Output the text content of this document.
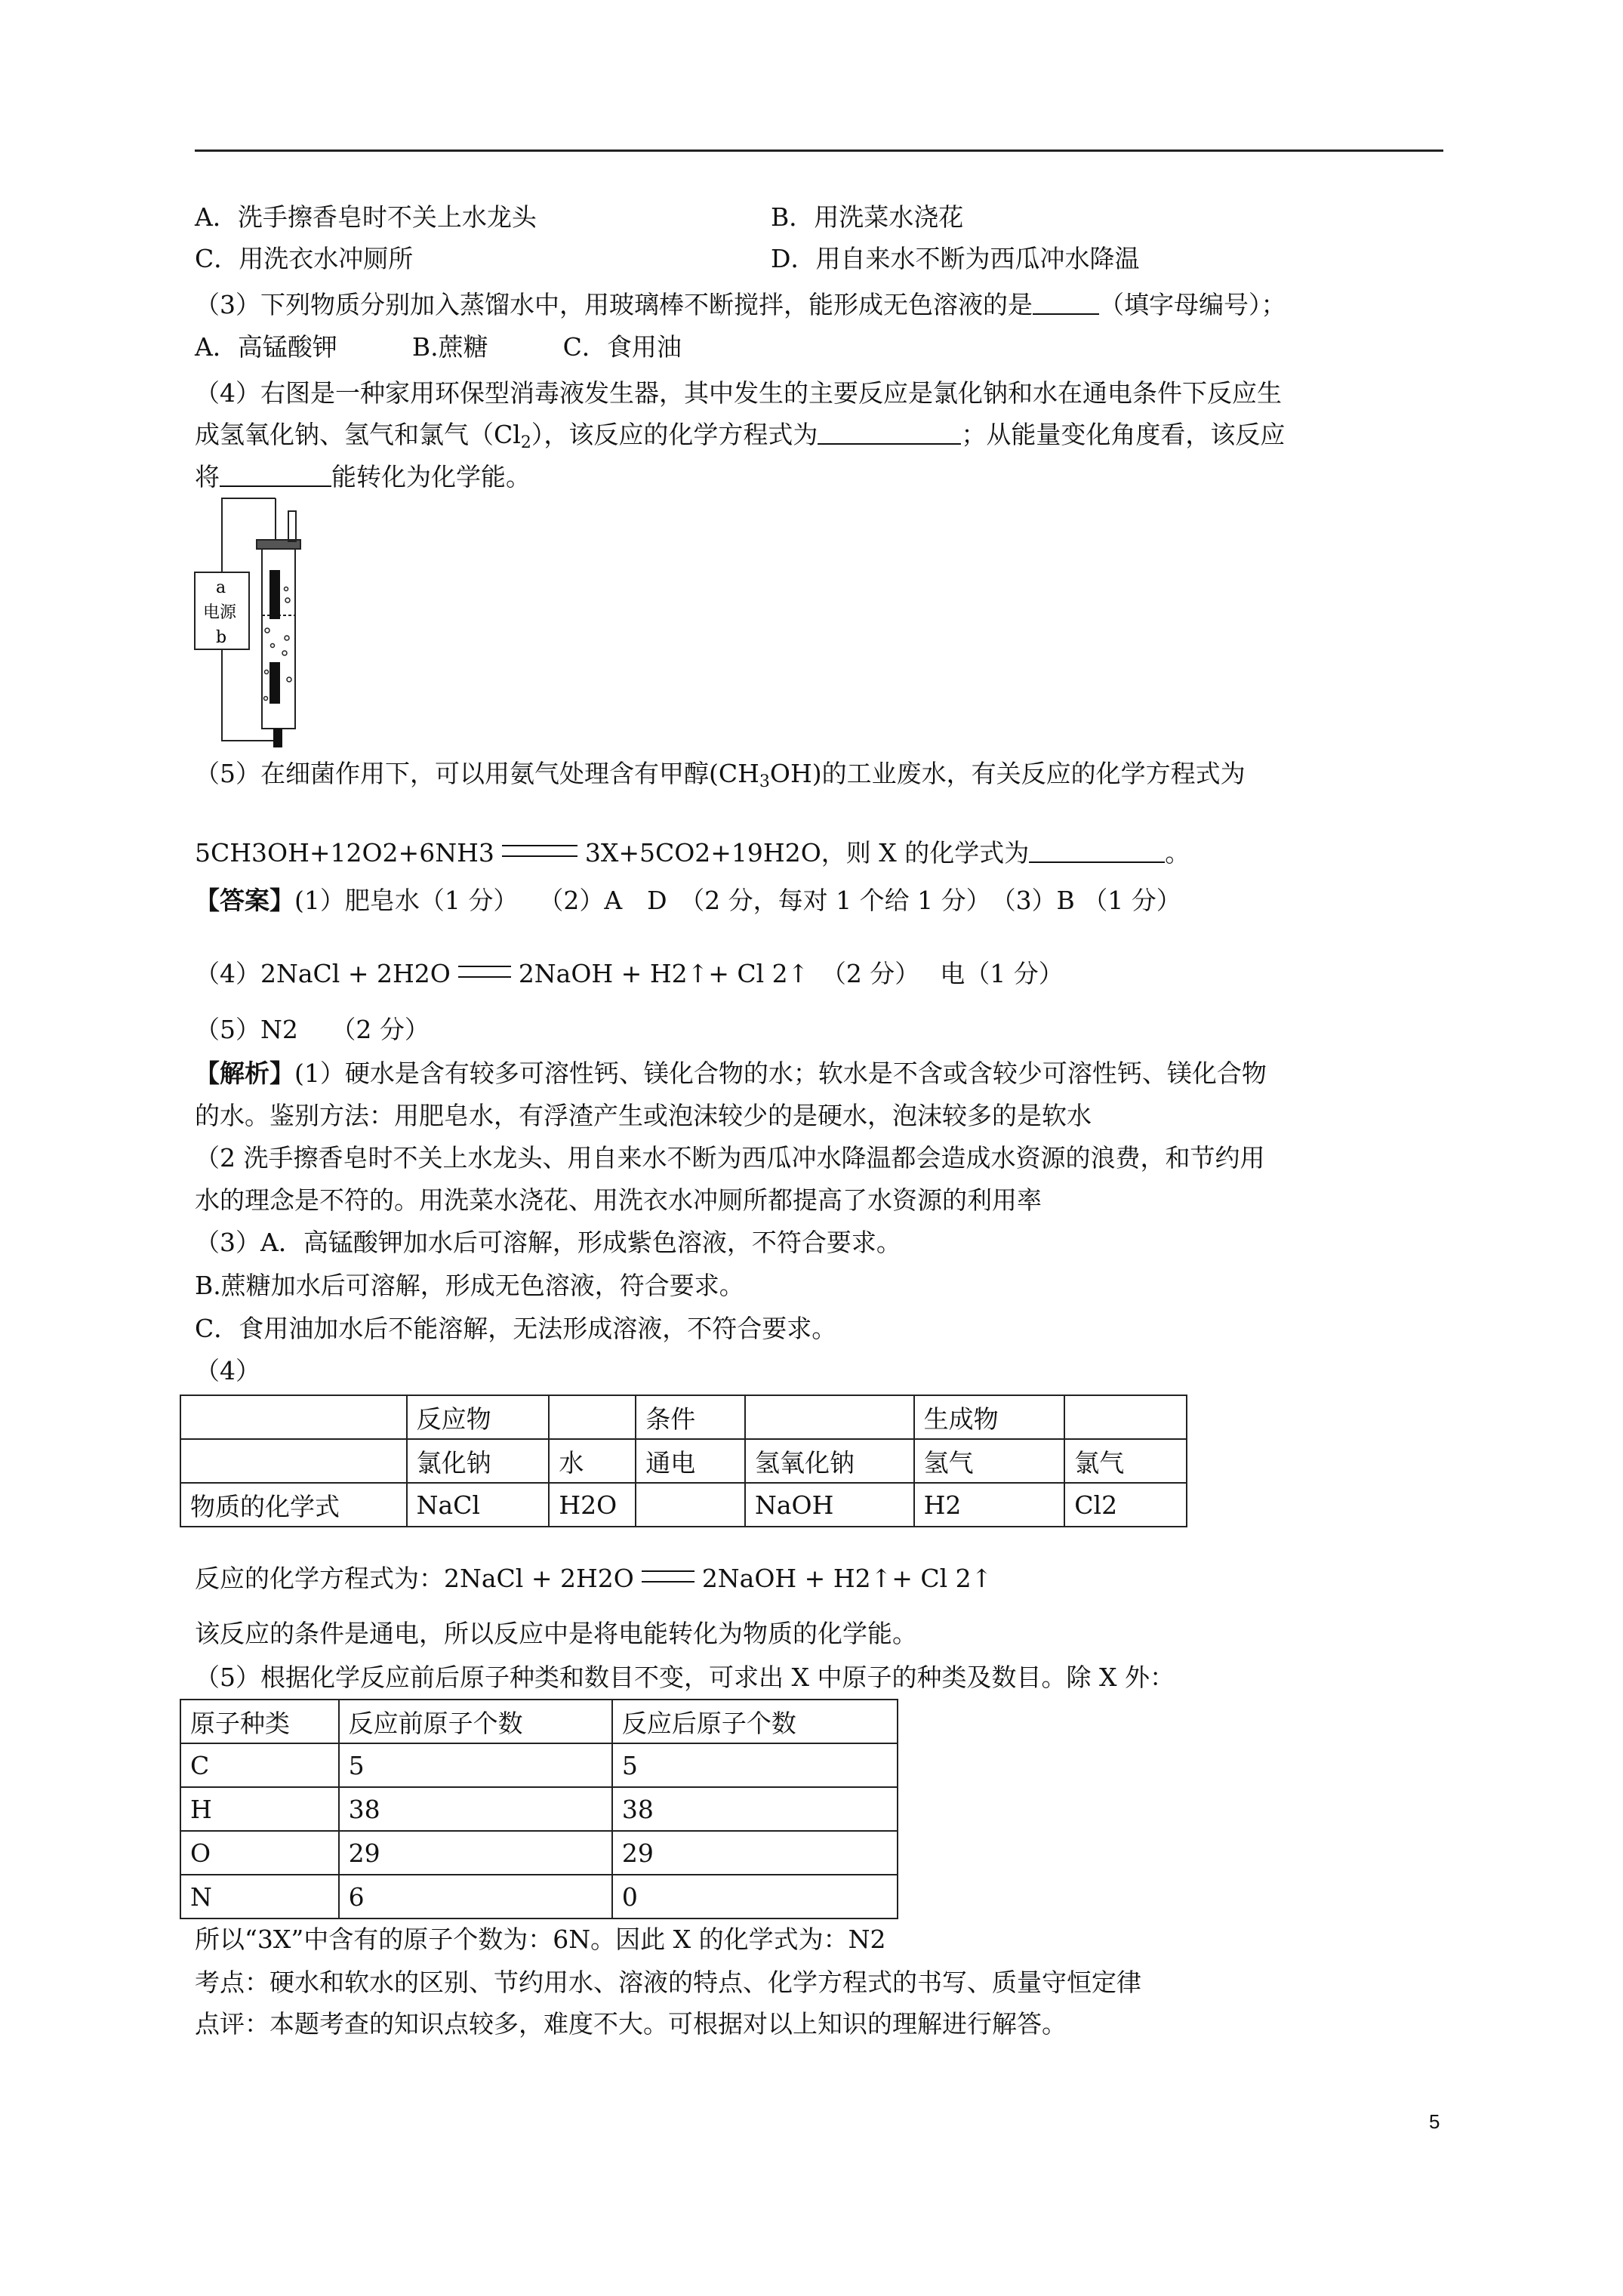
A．洗手擦香皂时不关上水龙头	B．用洗菜水浇花
C．用洗衣水冲厕所	D．用自来水不断为西瓜冲水降温
（3）下列物质分别加入蒸馏水中，用玻璃棒不断搅拌，能形成无色溶液的是	（填字母编号）；
A．高锰酸钾　　　B.蔗糖　　　C．食用油
（4）右图是一种家用环保型消毒液发生器，其中发生的主要反应是氯化钠和水在通电条件下反应生
成氢氧化钠、氢气和氯气$(Cl_2)$，该反应的化学方程式为	；从能量变化角度看，该反应
将	能转化为化学能。
a
电源
b
（5）在细菌作用下，可以用氨气处理含有甲醇$(CH_3OH)$的工业废水，有关反应的化学方程式为
5CH3OH+12O2+6NH3	3X+5CO2+19H2O，则 X 的化学式为	。
【答案】(1）肥皂水（1 分）　 （2）A　D　（2 分，每对 1 个给 1 分）　（3）B （1 分）
（4）2NaCl + 2H2O	2NaOH + H2↑+ Cl 2↑　（2 分）　 电（1 分）
（5）N2　 （2 分）
【解析】(1）硬水是含有较多可溶性钙、镁化合物的水；软水是不含或含较少可溶性钙、镁化合物
的水。鉴别方法：用肥皂水，有浮渣产生或泡沫较少的是硬水，泡沫较多的是软水
（2 洗手擦香皂时不关上水龙头、用自来水不断为西瓜冲水降温都会造成水资源的浪费，和节约用
水的理念是不符的。用洗菜水浇花、用洗衣水冲厕所都提高了水资源的利用率
（3）A．高锰酸钾加水后可溶解，形成紫色溶液，不符合要求。
B.蔗糖加水后可溶解，形成无色溶液，符合要求。
C．食用油加水后不能溶解，无法形成溶液，不符合要求。
（4）
	反应物		条件		生成物	
	氯化钠	水	通电	氢氧化钠	氢气	氯气
物质的化学式	NaCl	H2O		NaOH	H2	Cl2
反应的化学方程式为：2NaCl + 2H2O	2NaOH + H2↑+ Cl 2↑
该反应的条件是通电，所以反应中是将电能转化为物质的化学能。
（5）根据化学反应前后原子种类和数目不变，可求出 X 中原子的种类及数目。除 X 外：
原子种类	反应前原子个数	反应后原子个数
C	5	5
H	38	38
O	29	29
N	6	0
所以“3X”中含有的原子个数为：6N。因此 X 的化学式为：N2
考点：硬水和软水的区别、节约用水、溶液的特点、化学方程式的书写、质量守恒定律
点评：本题考查的知识点较多，难度不大。可根据对以上知识的理解进行解答。
5
